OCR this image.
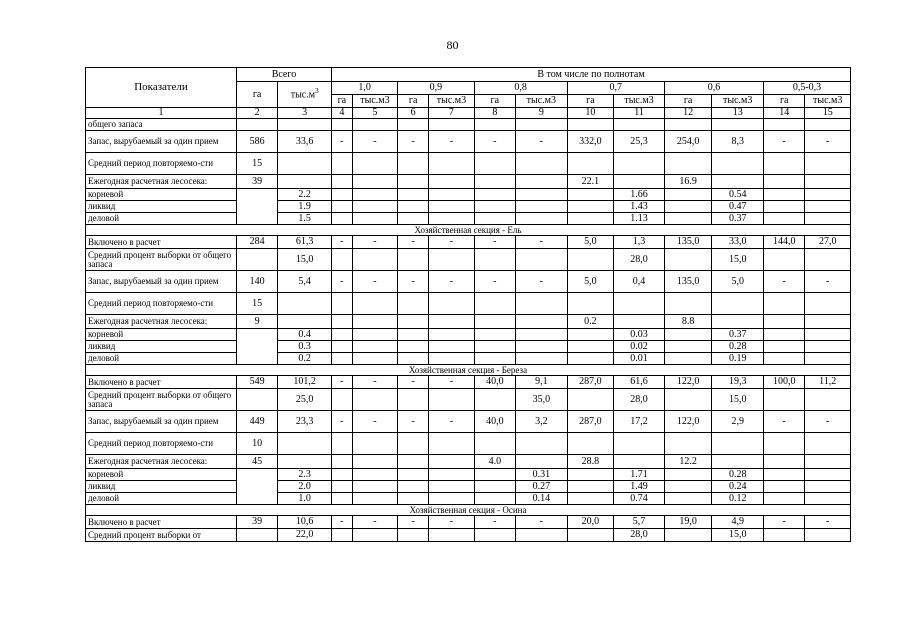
80
Показатели	Всего		В том числе по полнотам											
	га	$тыс.м^3$	1,0		0,9		0,8		0,7		0,6		0,5-0,3	
			га	тыс.м3	га	тыс.м3	га	тыс.м3	га	тыс.м3	га	тыс.м3	га	тыс.м3
1	2	3	4	5	6	7	8	9	10	11	12	13	14	15
общего запаса														
Запас, вырубаемый за один прием	586	33,6	-	-	-	-	-	-	332,0	25,3	254,0	8,3	-	-
Средний период повторяемо-сти	15													
Ежегодная расчетная лесосека:	39								22.1		16.9			
корневой		2.2								1.66		0.54		
ликвид		1.9								1.43		0.47		
деловой		1.5								1.13		0.37		
Хозяйственная секция - Ель														
Включено в расчет	284	61,3	-	-	-	-	-	-	5,0	1,3	135,0	33,0	144,0	27,0
Средний процент выборки от общего запаса		15,0								28,0		15,0		
Запас, вырубаемый за один прием	140	5,4	-	-	-	-	-	-	5,0	0,4	135,0	5,0	-	-
Средний период повторяемо-сти	15													
Ежегодная расчетная лесосека:	9								0.2		8.8			
корневой		0.4								0.03		0.37		
ликвид		0.3								0.02		0.28		
деловой		0.2								0.01		0.19		
Хозяйственная секция - Береза														
Включено в расчет	549	101,2	-	-	-	-	40,0	9,1	287,0	61,6	122,0	19,3	100,0	11,2
Средний процент выборки от общего запаса		25,0						35,0		28,0		15,0		
Запас, вырубаемый за один прием	449	23,3	-	-	-	-	40,0	3,2	287,0	17,2	122,0	2,9	-	-
Средний период повторяемо-сти	10													
Ежегодная расчетная лесосека:	45						4.0		28.8		12.2			
корневой		2.3						0.31		1.71		0.28		
ликвид		2.0						0.27		1.49		0.24		
деловой		1.0						0.14		0.74		0.12		
Хозяйственная секция - Осина														
Включено в расчет	39	10,6	-	-	-	-	-	-	20,0	5,7	19,0	4,9	-	-
Средний процент выборки от		22,0								28,0		15,0		
